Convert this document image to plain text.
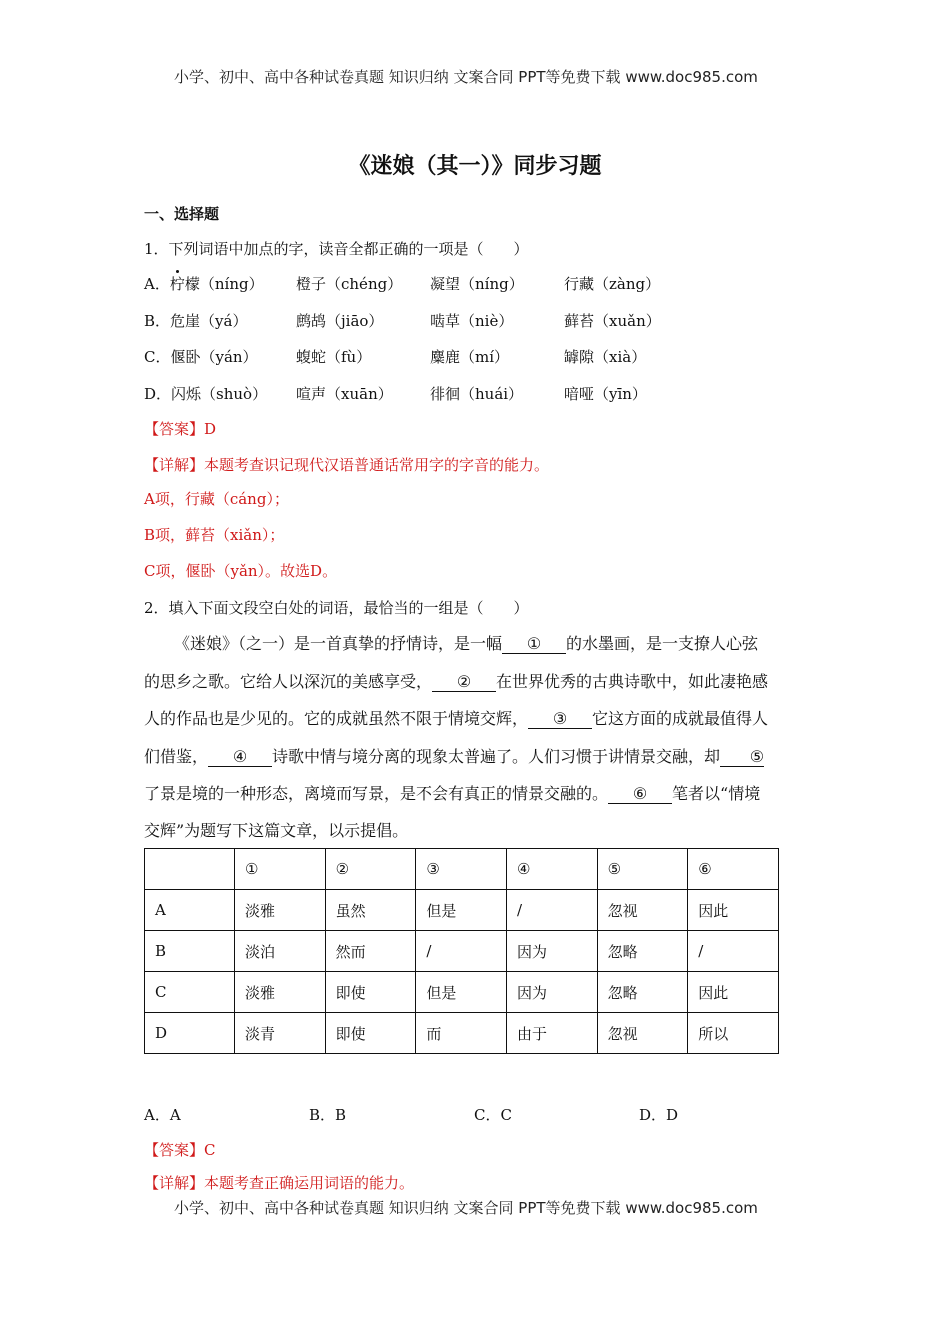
小学、初中、高中各种试卷真题 知识归纳 文案合同 PPT等免费下载 www.doc985.com
《迷娘（其一）》同步习题
一、选择题
1．下列词语中加点的字，读音全都正确的一项是（　　）
A．柠檬（níng） 橙子（chéng） 凝望（níng）	行藏（zàng）
B．危崖（yá）	鹧鸪（jiāo）	啮草（niè）	藓苔（xuǎn）
C．偃卧（yán）	蝮蛇（fù）	麋鹿（mí）	罅隙（xià）
D．闪烁（shuò） 喧声（xuān） 徘徊（huái）	喑哑（yīn）
【答案】D
【详解】本题考查识记现代汉语普通话常用字的字音的能力。
A项，行藏（cáng）；
B项，藓苔（xiǎn）；
C项，偃卧（yǎn）。故选D。
2．填入下面文段空白处的词语，最恰当的一组是（　　）
《迷娘》（之一）是一首真挚的抒情诗，是一幅 ① 的水墨画，是一支撩人心弦
的思乡之歌。它给人以深沉的美感享受， ② 在世界优秀的古典诗歌中，如此凄艳感
人的作品也是少见的。它的成就虽然不限于情境交辉， ③ 它这方面的成就最值得人
们借鉴， ④ 诗歌中情与境分离的现象太普遍了。人们习惯于讲情景交融，却 ⑤
了景是境的一种形态，离境而写景，是不会有真正的情景交融的。 ⑥ 笔者以“情境
交辉”为题写下这篇文章，以示提倡。
	①	②	③	④	⑤	⑥
A	淡雅	虽然	但是	/	忽视	因此
B	淡泊	然而	/	因为	忽略	/
C	淡雅	即使	但是	因为	忽略	因此
D	淡青	即使	而	由于	忽视	所以
A．A	B．B	C．C	D．D
【答案】C
【详解】本题考查正确运用词语的能力。
小学、初中、高中各种试卷真题 知识归纳 文案合同 PPT等免费下载 www.doc985.com
